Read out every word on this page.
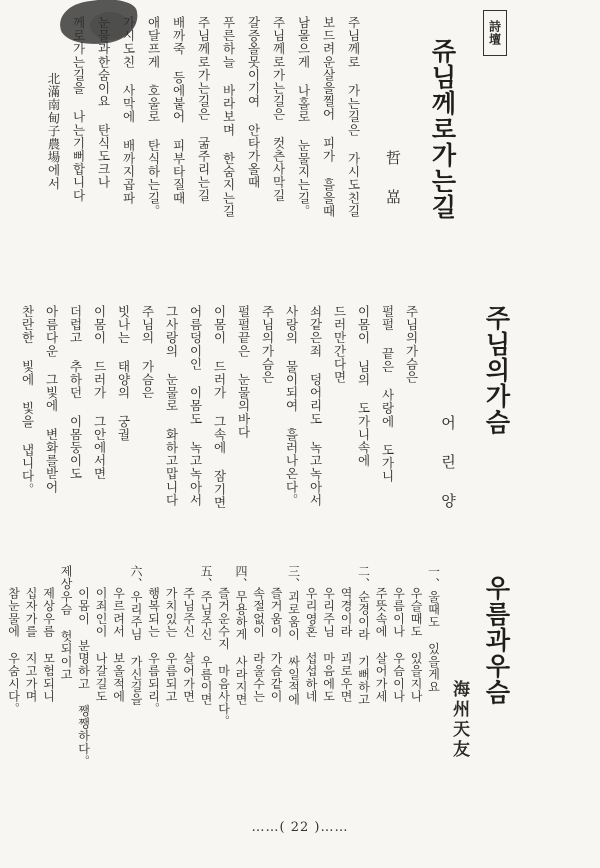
詩壇
쥬님께로가는길
哲 嵓
주님께로 가는길은 가시도친길
보드려운살을찔어 피가 흘을때
남몰으게 나홀로 눈물지는길。
주님께로가는길은 컷츤사막길
갈증올못이기여 안타가올때
푸른하늘 바라보며 한숨지는길
주님께로가는길은 굶주리는길
배까죽 등에붙어 피부타질때
애달프게 호울로 탄식하는길。
가시도친 사막에 배까지곱파
눈물과한숨이요 탄식도크나
께로가는길을 나는기뻐합니다
北滿南甸子農場에서
주님의가슴
어 린 양
주님의가슴은
펄펄 끝은 사랑에 도가니
이몸이 님의 도가니속에
드러만간다면
쇠같은죄 덩어리도 녹고녹아서
사랑의 물이되여 흘러나온다。
주님의가슴은
펄펄끝은 눈물의바다
이몸이 드러가 그속에 잠기면
어름덩이인 이몸도 녹고녹아서
그사랑의 눈물로 화하고맙니다
주님의 가슴은
빗나는 태양의 궁궐
이몸이 드러가 그안에서면
더럽고 추하던 이몸둥이도
아름다운 그빛에 변화를받어
찬란한 빛에 빛을 냅니다。
우름과우슴
海州天友
一、울때도 있을게요
우슬때도 있을지나
우름이나 우슴이나
주뜻속에 살어가세
二、순경이라 기뻐하고
역경이라 괴로우면
우리주님 마음에도
우리영혼 섭섭하네
三、괴로움이 싸일적에
즐거움이 가슴같이
속절없이 라울수는
四、무용하게 사라지면
즐거운수지 마음사다。
五、주님주신 우름이면
주님주신 살어가면
가치있는 우름되고
행복되는 우름되리。
六、우리주님 가신길을
우르려서 보올적에
이죄인이 나갈길도
이몸이 분명하고 쨍쨍하다。
제상우슴 헛되이고
제상우름 모험되니
십자가를 지고가며
참눈물에 우숨시다。
……( 22 )……
